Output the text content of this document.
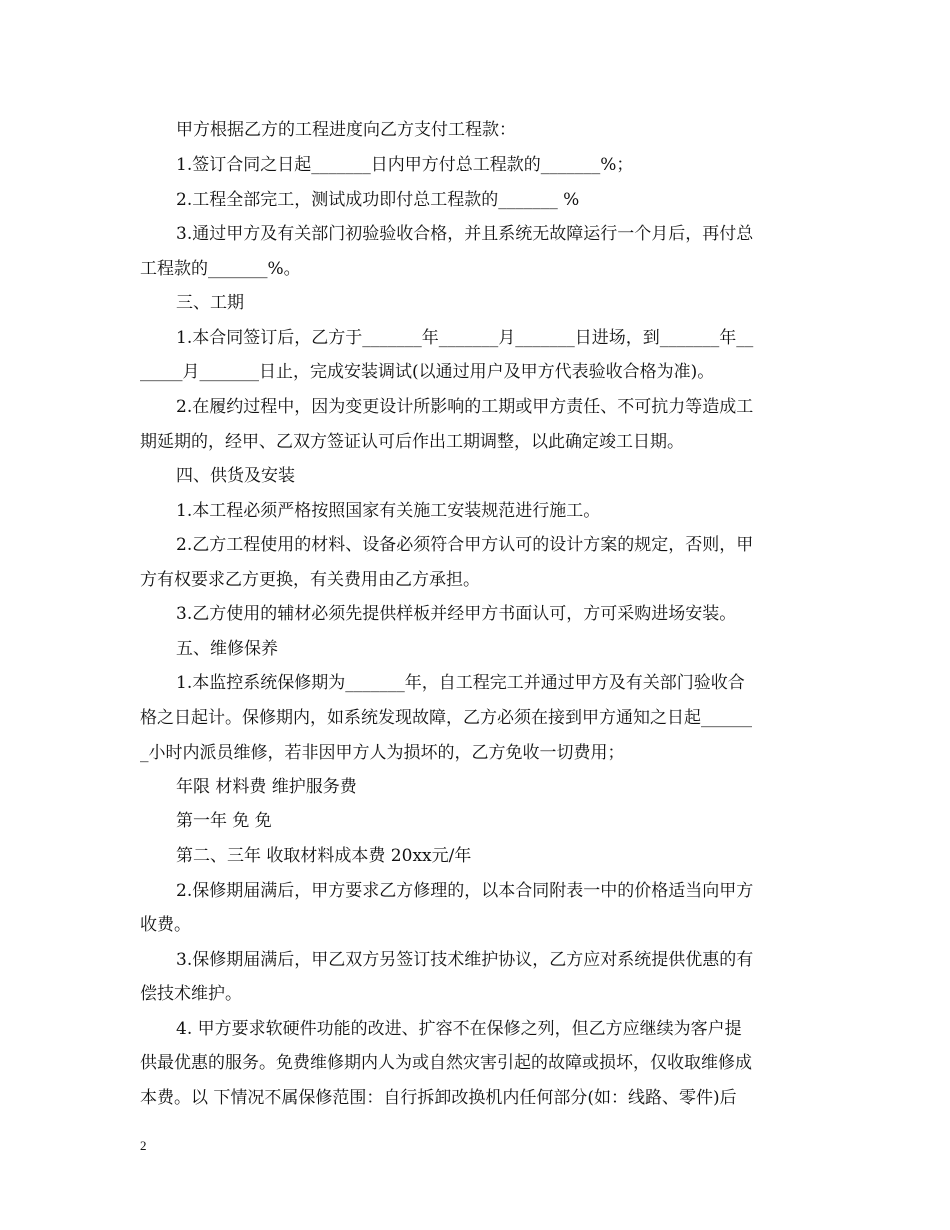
甲方根据乙方的工程进度向乙方支付工程款：
1.签订合同之日起_______日内甲方付总工程款的_______%；
2.工程全部完工，测试成功即付总工程款的_______ %
3.通过甲方及有关部门初验验收合格，并且系统无故障运行一个月后，再付总
工程款的_______%。
三、工期
1.本合同签订后，乙方于_______年_______月_______日进场，到_______年__
_____月_______日止，完成安装调试(以通过用户及甲方代表验收合格为准)。
2.在履约过程中，因为变更设计所影响的工期或甲方责任、不可抗力等造成工
期延期的，经甲、乙双方签证认可后作出工期调整，以此确定竣工日期。
四、供货及安装
1.本工程必须严格按照国家有关施工安装规范进行施工。
2.乙方工程使用的材料、设备必须符合甲方认可的设计方案的规定，否则，甲
方有权要求乙方更换，有关费用由乙方承担。
3.乙方使用的辅材必须先提供样板并经甲方书面认可，方可采购进场安装。
五、维修保养
1.本监控系统保修期为_______年，自工程完工并通过甲方及有关部门验收合
格之日起计。保修期内，如系统发现故障，乙方必须在接到甲方通知之日起______
_小时内派员维修，若非因甲方人为损坏的，乙方免收一切费用；
年限 材料费 维护服务费
第一年 免 免
第二、三年 收取材料成本费 20xx元/年
2.保修期届满后，甲方要求乙方修理的，以本合同附表一中的价格适当向甲方
收费。
3.保修期届满后，甲乙双方另签订技术维护协议，乙方应对系统提供优惠的有
偿技术维护。
4. 甲方要求软硬件功能的改进、扩容不在保修之列，但乙方应继续为客户提
供最优惠的服务。免费维修期内人为或自然灾害引起的故障或损坏，仅收取维修成
本费。以 下情况不属保修范围：自行拆卸改换机内任何部分(如：线路、零件)后
2
